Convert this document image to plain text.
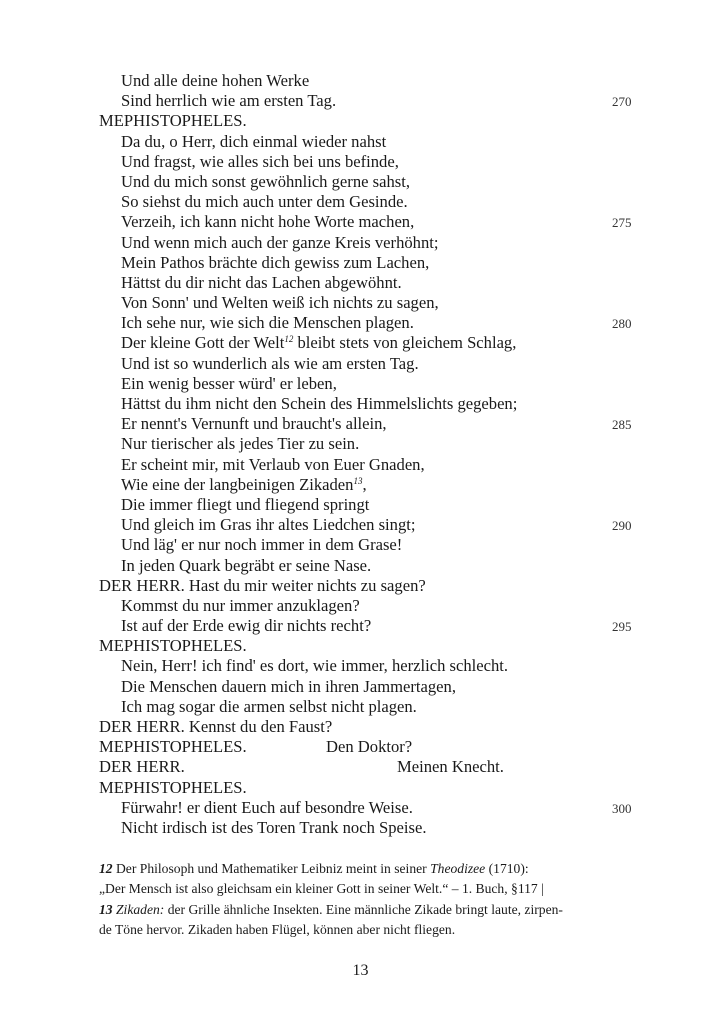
Und alle deine hohen Werke
Sind herrlich wie am ersten Tag.	270
MEPHISTOPHELES.
Da du, o Herr, dich einmal wieder nahst
Und fragst, wie alles sich bei uns befinde,
Und du mich sonst gewöhnlich gerne sahst,
So siehst du mich auch unter dem Gesinde.
Verzeih, ich kann nicht hohe Worte machen,	275
Und wenn mich auch der ganze Kreis verhöhnt;
Mein Pathos brächte dich gewiss zum Lachen,
Hättst du dir nicht das Lachen abgewöhnt.
Von Sonn' und Welten weiß ich nichts zu sagen,
Ich sehe nur, wie sich die Menschen plagen.	280
Der kleine Gott der Welt$^{12}$ bleibt stets von gleichem Schlag,
Und ist so wunderlich als wie am ersten Tag.
Ein wenig besser würd' er leben,
Hättst du ihm nicht den Schein des Himmelslichts gegeben;
Er nennt's Vernunft und braucht's allein,	285
Nur tierischer als jedes Tier zu sein.
Er scheint mir, mit Verlaub von Euer Gnaden,
Wie eine der langbeinigen Zikaden$^{13}$,
Die immer fliegt und fliegend springt
Und gleich im Gras ihr altes Liedchen singt;	290
Und läg' er nur noch immer in dem Grase!
In jeden Quark begräbt er seine Nase.
DER HERR. Hast du mir weiter nichts zu sagen?
Kommst du nur immer anzuklagen?
Ist auf der Erde ewig dir nichts recht?	295
MEPHISTOPHELES.
Nein, Herr! ich find' es dort, wie immer, herzlich schlecht.
Die Menschen dauern mich in ihren Jammertagen,
Ich mag sogar die armen selbst nicht plagen.
DER HERR. Kennst du den Faust?
MEPHISTOPHELES.	Den Doktor?
DER HERR.	Meinen Knecht.
MEPHISTOPHELES.
Fürwahr! er dient Euch auf besondre Weise.	300
Nicht irdisch ist des Toren Trank noch Speise.
12 Der Philosoph und Mathematiker Leibniz meint in seiner Theodizee (1710):
„Der Mensch ist also gleichsam ein kleiner Gott in seiner Welt.“ – 1. Buch, §117 |
13 Zikaden: der Grille ähnliche Insekten. Eine männliche Zikade bringt laute, zirpen-
de Töne hervor. Zikaden haben Flügel, können aber nicht fliegen.
13
